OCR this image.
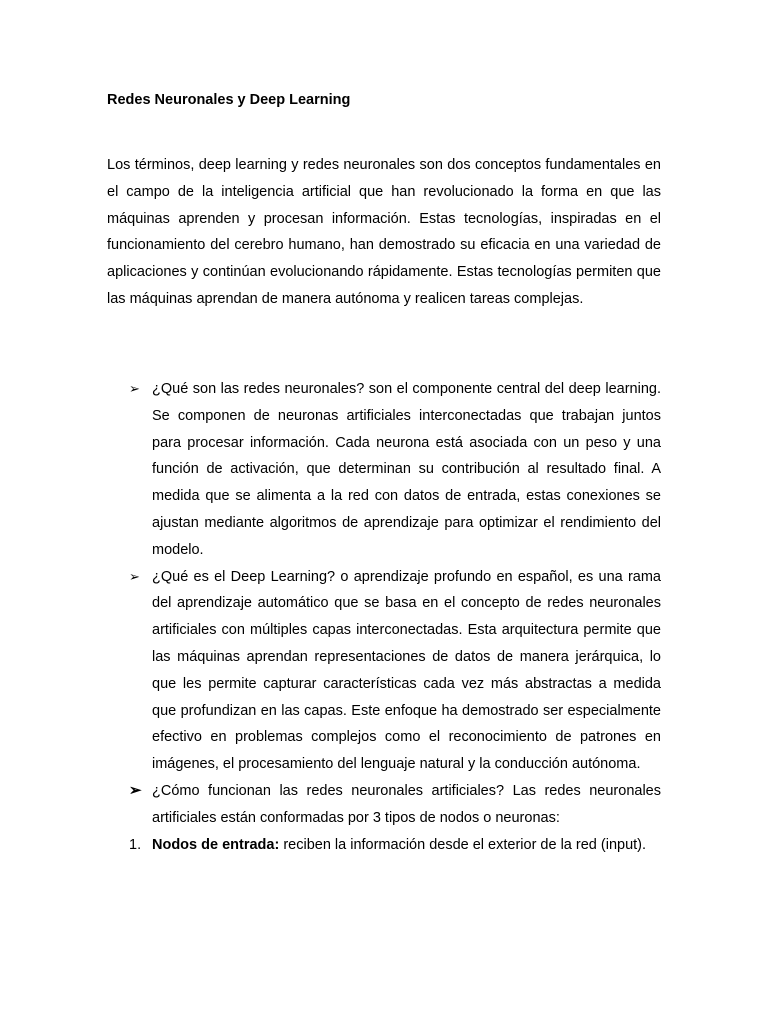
Redes Neuronales y Deep Learning

Los términos, deep learning y redes neuronales son dos conceptos fundamentales en el campo de la inteligencia artificial que han revolucionado la forma en que las máquinas aprenden y procesan información. Estas tecnologías, inspiradas en el funcionamiento del cerebro humano, han demostrado su eficacia en una variedad de aplicaciones y continúan evolucionando rápidamente. Estas tecnologías permiten que las máquinas aprendan de manera autónoma y realicen tareas complejas.

➢ ¿Qué son las redes neuronales? son el componente central del deep learning. Se componen de neuronas artificiales interconectadas que trabajan juntos para procesar información. Cada neurona está asociada con un peso y una función de activación, que determinan su contribución al resultado final. A medida que se alimenta a la red con datos de entrada, estas conexiones se ajustan mediante algoritmos de aprendizaje para optimizar el rendimiento del modelo.
➢ ¿Qué es el Deep Learning? o aprendizaje profundo en español, es una rama del aprendizaje automático que se basa en el concepto de redes neuronales artificiales con múltiples capas interconectadas. Esta arquitectura permite que las máquinas aprendan representaciones de datos de manera jerárquica, lo que les permite capturar características cada vez más abstractas a medida que profundizan en las capas. Este enfoque ha demostrado ser especialmente efectivo en problemas complejos como el reconocimiento de patrones en imágenes, el procesamiento del lenguaje natural y la conducción autónoma.
➢ ¿Cómo funcionan las redes neuronales artificiales? Las redes neuronales artificiales están conformadas por 3 tipos de nodos o neuronas:
1. Nodos de entrada: reciben la información desde el exterior de la red (input).
